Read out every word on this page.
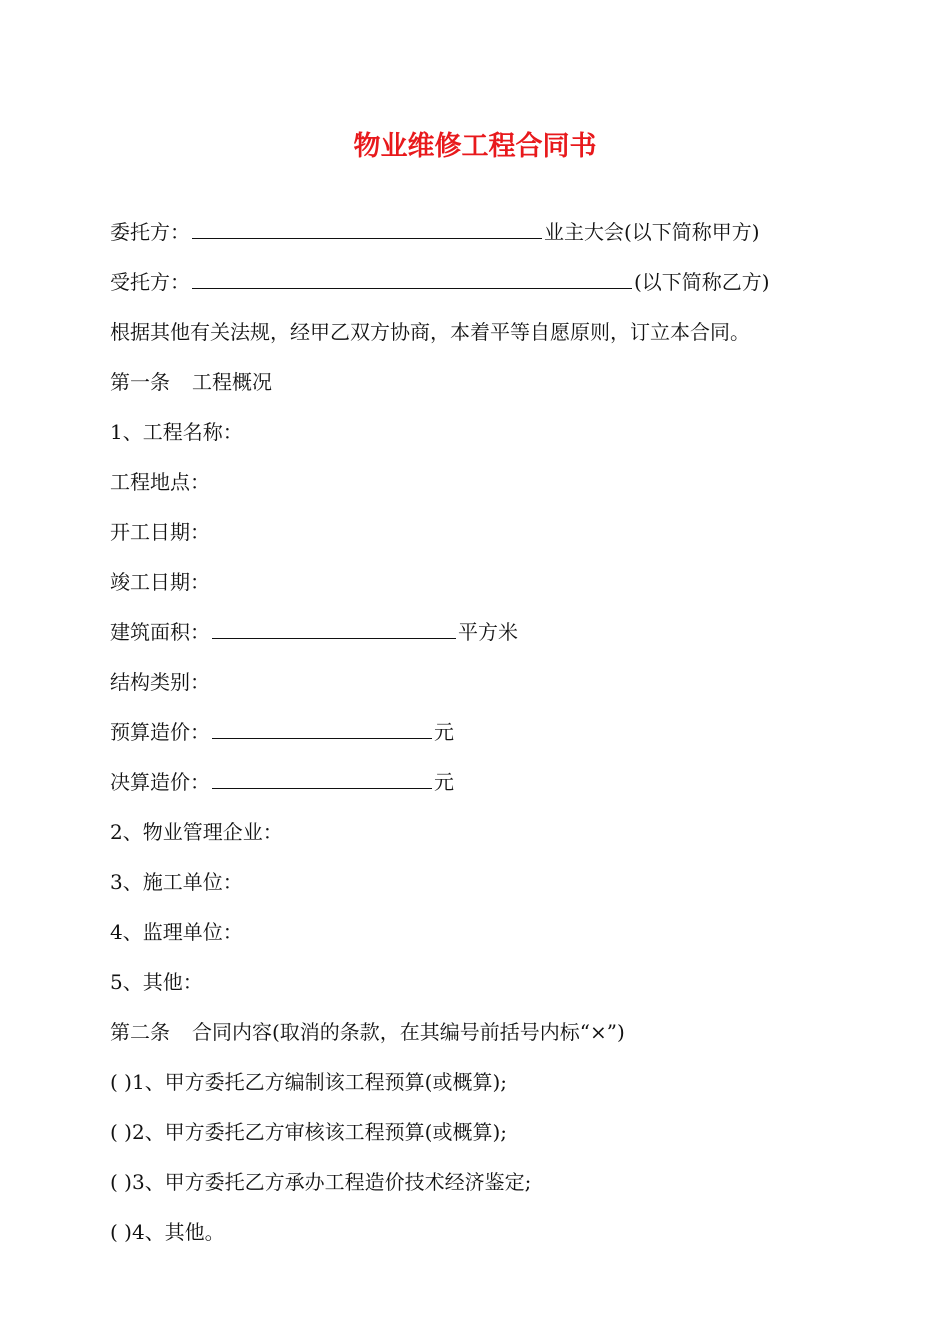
物业维修工程合同书
委托方：	业主大会(以下简称甲方)
受托方：	(以下简称乙方)
根据其他有关法规，经甲乙双方协商，本着平等自愿原则，订立本合同。
第一条 工程概况
1、工程名称：
工程地点：
开工日期：
竣工日期：
建筑面积：	平方米
结构类别：
预算造价：	元
决算造价：	元
2、物业管理企业：
3、施工单位：
4、监理单位：
5、其他：
第二条 合同内容(取消的条款，在其编号前括号内标“×”)
( )1、甲方委托乙方编制该工程预算(或概算);
( )2、甲方委托乙方审核该工程预算(或概算);
( )3、甲方委托乙方承办工程造价技术经济鉴定;
( )4、其他。
